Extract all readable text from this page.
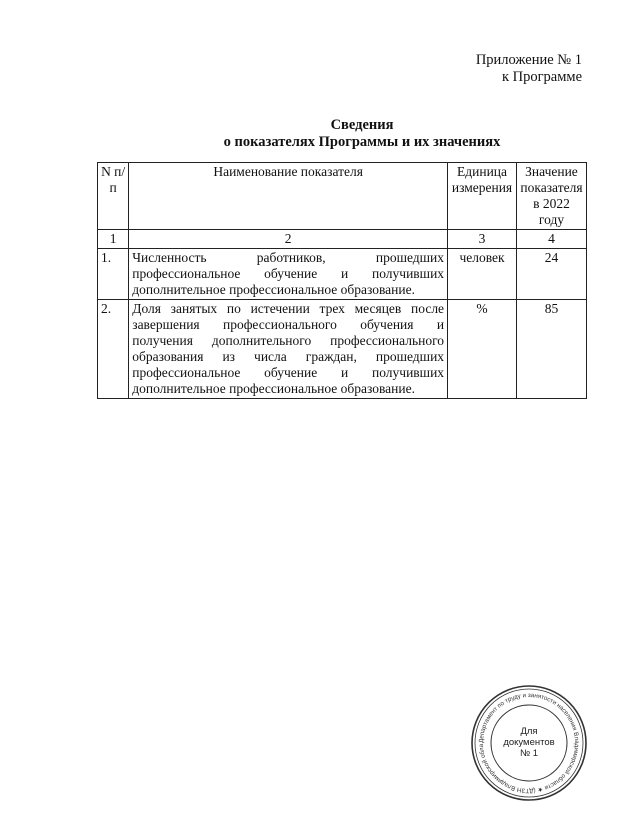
Приложение № 1
к Программе
Сведения
о показателях Программы и их значениях
N п/п	Наименование показателя	Единица измерения	Значение показателя в 2022 году
1	2	3	4
1.	Численность работников, прошедших профессиональное обучение и получивших дополнительное профессиональное образование.	человек	24
2.	Доля занятых по истечении трех месяцев после завершения профессионального обучения и получения дополнительного профессионального образования из числа граждан, прошедших профессиональное обучение и получивших дополнительное профессиональное образование.	%	85
Департамент по труду и занятости населения Владимирской области ★ (ДТЗН Владимирской обла
Для
документов
№ 1
